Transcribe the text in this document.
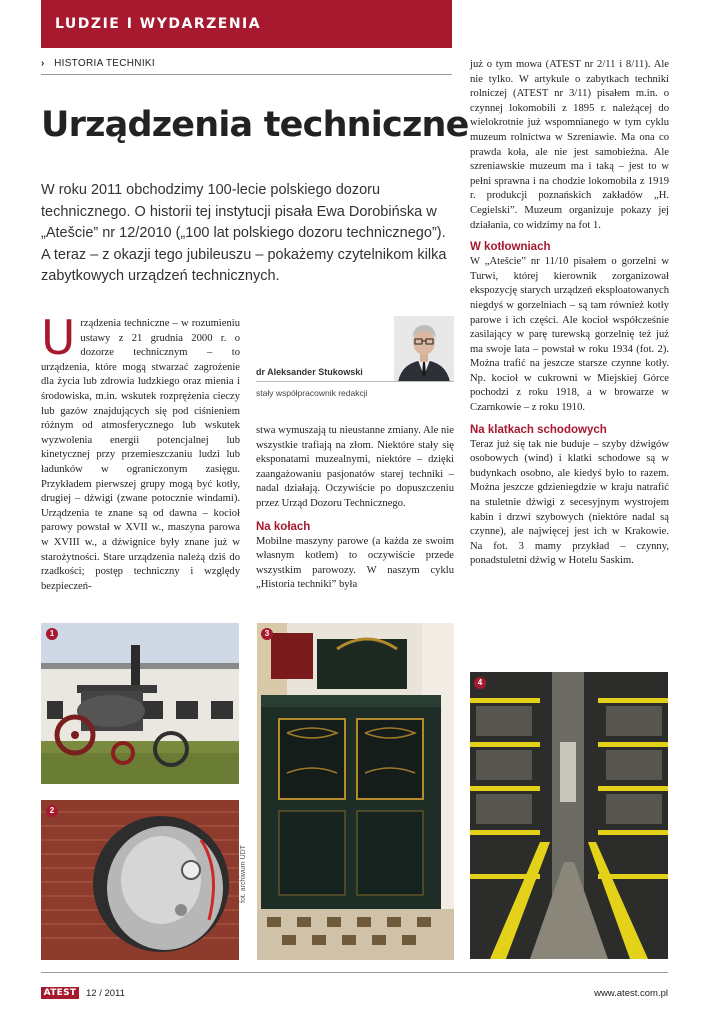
LUDZIE I WYDARZENIA
› HISTORIA TECHNIKI
Urządzenia techniczne

W roku 2011 obchodzimy 100-lecie polskiego dozoru technicznego. O historii tej instytucji pisała Ewa Dorobińska w „Atešcie” nr 12/2010 („100 lat polskiego dozoru technicznego”). A teraz – z okazji tego jubileuszu – pokażemy czytelnikom kilka zabytkowych urządzeń technicznych.

U rządzenia techniczne – w rozumieniu ustawy z 21 grudnia 2000 r. o dozorze technicznym – to urządzenia, które mogą stwarzać zagrożenie dla życia lub zdrowia ludzkiego oraz mienia i środowiska, m.in. wskutek rozprężenia cieczy lub gazów znajdujących się pod ciśnieniem różnym od atmosferycznego lub wskutek wyzwolenia energii potencjalnej lub kinetycznej przy przemieszczaniu ludzi lub ładunków w ograniczonym zasięgu. Przykładem pierwszej grupy mogą być kotły, drugiej – dźwigi (zwane potocznie windami). Urządzenia te znane są od dawna – kocioł parowy powstał w XVII w., maszyna parowa w XVIII w., a dźwignice były znane już w starożytności. Stare urządzenia należą dziś do rzadkości; postęp techniczny i względy bezpieczeń-
dr Aleksander Stukowski
stały współpracownik redakcji

stwa wymuszają tu nieustanne zmiany. Ale nie wszystkie trafiają na złom. Niektóre stały się eksponatami muzealnymi, niektóre – dzięki zaangażowaniu pasjonatów starej techniki – nadal działają. Oczywiście po dopuszczeniu przez Urząd Dozoru Technicznego.

Na kołach

Mobilne maszyny parowe (a każda ze swoim własnym kotłem) to oczywiście przede wszystkim parowozy. W naszym cyklu „Historia techniki” była

już o tym mowa (ATEST nr 2/11 i 8/11). Ale nie tylko. W artykule o zabytkach techniki rolniczej (ATEST nr 3/11) pisałem m.in. o czynnej lokomobili z 1895 r. należącej do wielokrotnie już wspomnianego w tym cyklu muzeum rolnictwa w Szreniawie. Ma ona co prawda koła, ale nie jest samobieżna. Ale szreniawskie muzeum ma i taką – jest to w pełni sprawna i na chodzie lokomobila z 1919 r. produkcji poznańskich zakładów „H. Cegielski”. Muzeum organizuje pokazy jej działania, co widzimy na fot 1.

W kotłowniach

W „Atešcie” nr 11/10 pisałem o gorzelni w Turwi, której kierownik zorganizował ekspozycję starych urządzeń eksploatowanych niegdyś w gorzelniach – są tam również kotły parowe i ich części. Ale kocioł współcześnie zasilający w parę turewską gorzelnię też już ma swoje lata – powstał w roku 1934 (fot. 2). Można trafić na jeszcze starsze czynne kotły. Np. kocioł w cukrowni w Miejskiej Górce pochodzi z roku 1918, a w browarze w Czarnkowie – z roku 1910.

Na klatkach schodowych

Teraz już się tak nie buduje – szyby dźwigów osobowych (wind) i klatki schodowe są w budynkach osobno, ale kiedyś było to razem. Można jeszcze gdzieniegdzie w kraju natrafić na stuletnie dźwigi z secesyjnym wystrojem kabin i drzwi szybowych (niektóre nadal są czynne), ale najwięcej jest ich w Krakowie. Na fot. 3 mamy przykład – czynny, ponadstuletni dźwig w Hotelu Saskim.

1
2
3
4
fot. archiwum UDT
ATEST 12 / 2011	www.atest.com.pl
